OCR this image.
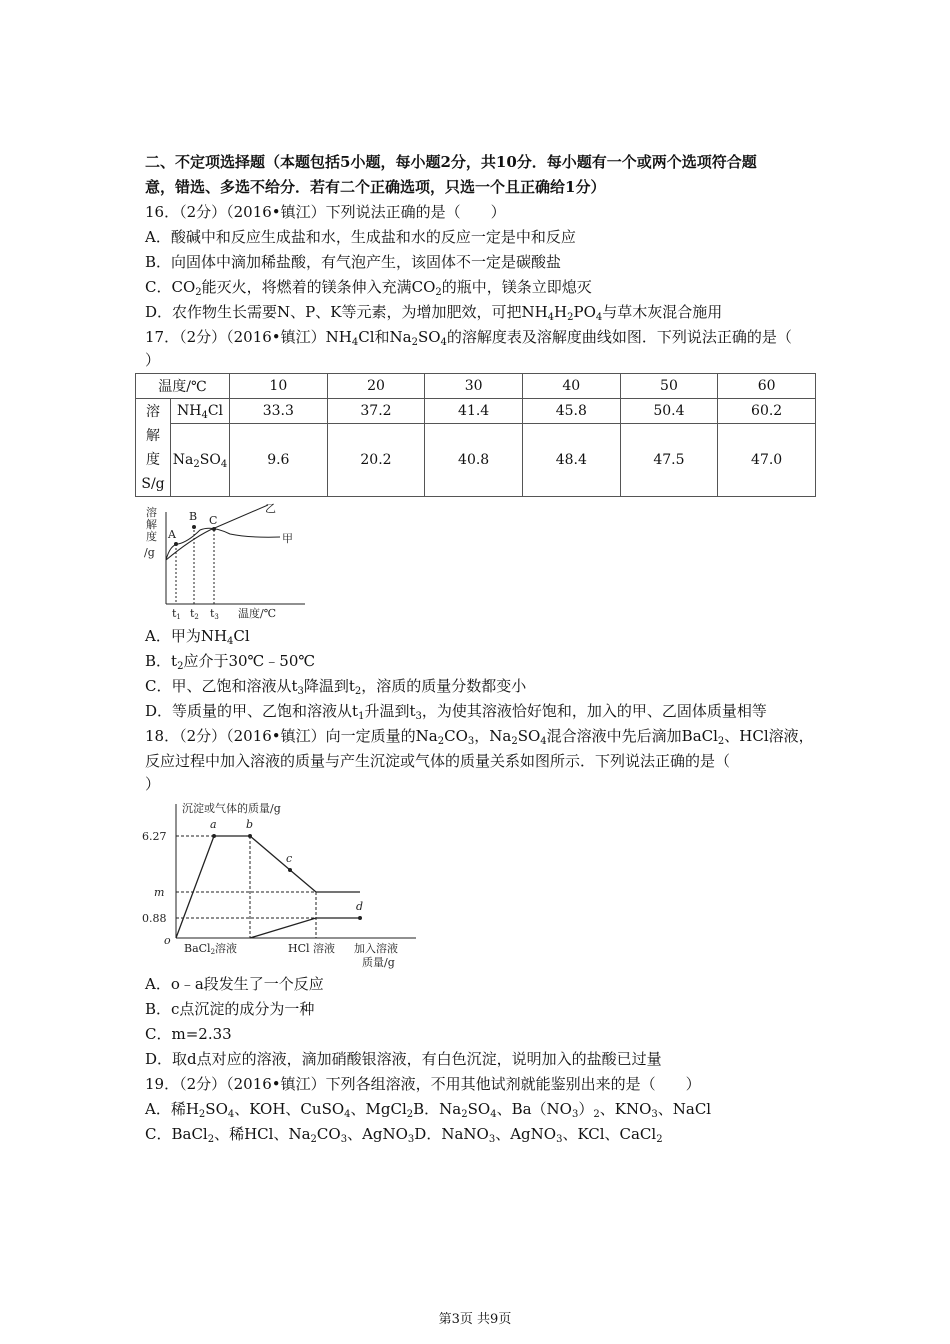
二、不定项选择题（本题包括5小题，每小题2分，共10分．每小题有一个或两个选项符合题
意，错选、多选不给分．若有二个正确选项，只选一个且正确给1分）
16．（2分）（2016•镇江）下列说法正确的是（　　）
A．酸碱中和反应生成盐和水，生成盐和水的反应一定是中和反应
B．向固体中滴加稀盐酸，有气泡产生，该固体不一定是碳酸盐
C．$CO_2$能灭火，将燃着的镁条伸入充满$CO_2$的瓶中，镁条立即熄灭
D．农作物生长需要N、P、K等元素，为增加肥效，可把$NH_4H_2PO_4$与草木灰混合施用
17．（2分）（2016•镇江）$NH_4Cl$和$Na_2SO_4$的溶解度表及溶解度曲线如图．下列说法正确的是（
）
温度/℃		10	20	30	40	50	60

溶
解
度
S/g	$NH_4Cl$	33.3	37.2	41.4	45.8	50.4	60.2
	$Na_2SO_4$	9.6	20.2	40.8	48.4	47.5	47.0
溶
解
度
/g
A
B C
乙
甲
t1 t2 t3 温度/℃
A．甲为$NH_4Cl$
B．$t_2$应介于30℃﹣50℃
C．甲、乙饱和溶液从$t_3$降温到$t_2$，溶质的质量分数都变小
D．等质量的甲、乙饱和溶液从$t_1$升温到$t_3$，为使其溶液恰好饱和，加入的甲、乙固体质量相等
18．（2分）（2016•镇江）向一定质量的$Na_2CO_3$，$Na_2SO_4$混合溶液中先后滴加BaCl$_2$、HCl溶液，
反应过程中加入溶液的质量与产生沉淀或气体的质量关系如图所示．下列说法正确的是（
）
沉淀或气体的质量/g
6.27
m
0.88
o
a	b
c
d
BaCl2溶液	HCl 溶液 加入溶液
质量/g
A．o﹣a段发生了一个反应
B．c点沉淀的成分为一种
C．m=2.33
D．取d点对应的溶液，滴加硝酸银溶液，有白色沉淀，说明加入的盐酸已过量
19．（2分）（2016•镇江）下列各组溶液，不用其他试剂就能鉴别出来的是（　　）
A．稀$H_2SO_4$、KOH、CuSO$_4$、MgCl$_2$B．$Na_2SO_4$、$Ba(NO_3)_2$、$KNO_3$、NaCl
C．BaCl$_2$、稀HCl、$Na_2CO_3$、AgNO$_3$D．NaNO$_3$、AgNO$_3$、KCl、CaCl$_2$
第3页 共9页
